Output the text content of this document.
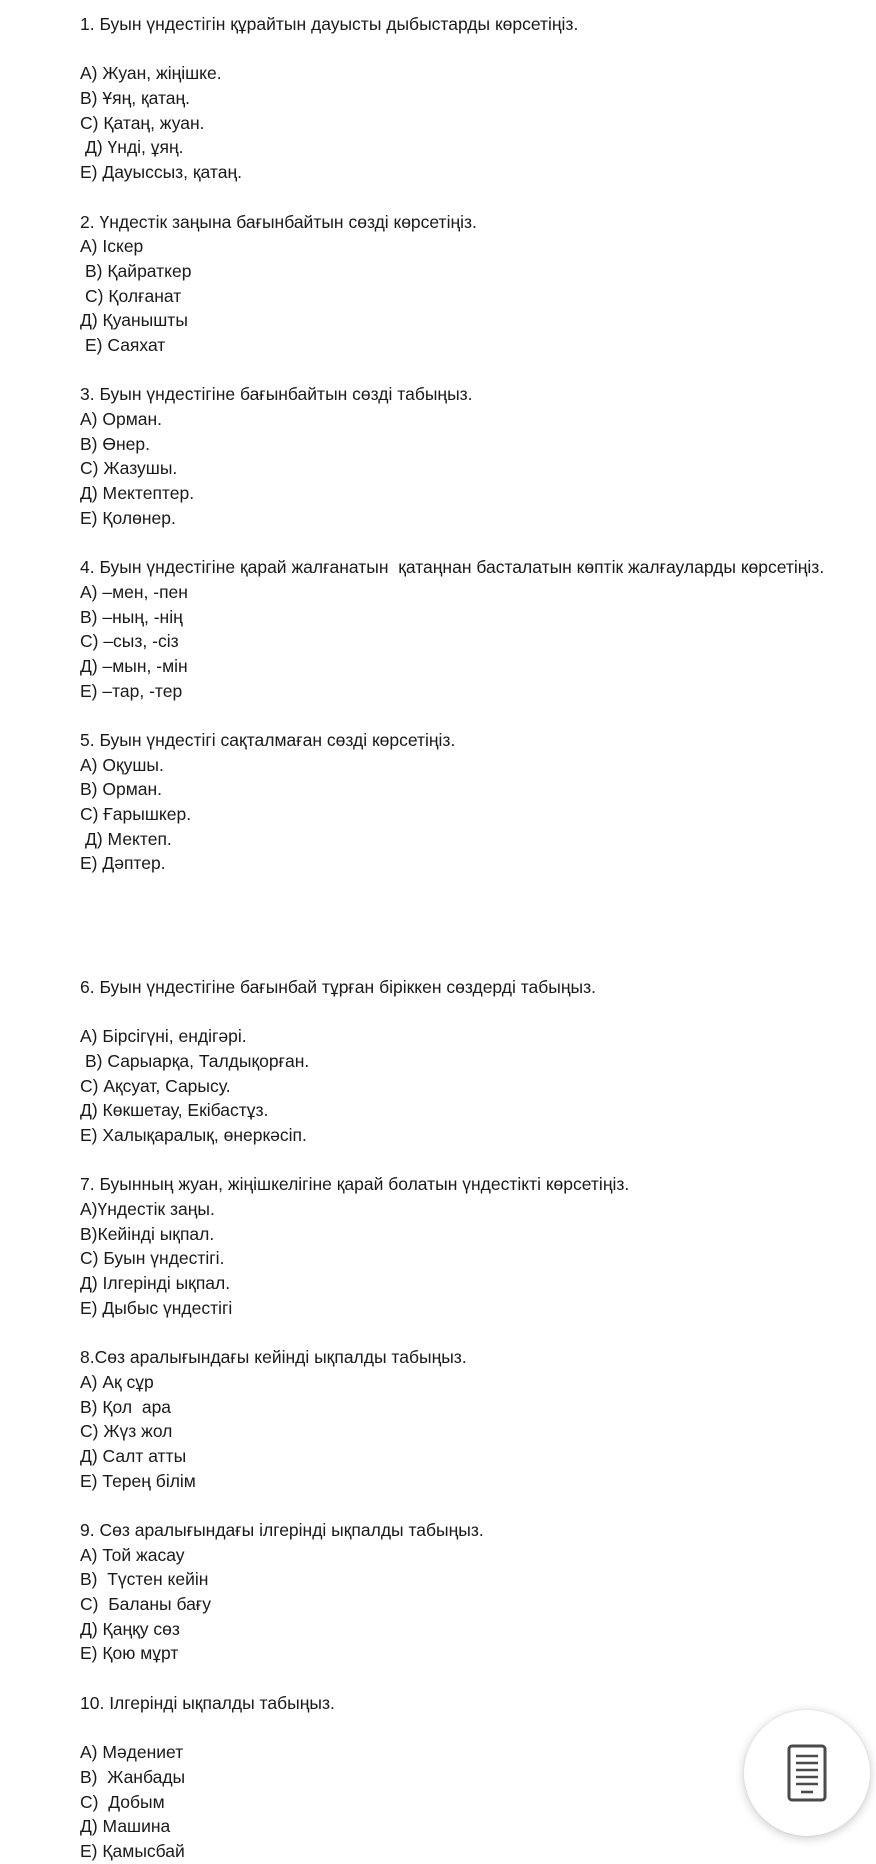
1. Буын үндестігін құрайтын дауысты дыбыстарды көрсетіңіз.
А) Жуан, жіңішке.
В) Ұяң, қатаң.
С) Қатаң, жуан.
Д) Үнді, ұяң.
Е) Дауыссыз, қатаң.
2. Үндестік заңына бағынбайтын сөзді көрсетіңіз.
А) Іскер
В) Қайраткер
С) Қолғанат
Д) Қуанышты
Е) Саяхат
3. Буын үндестігіне бағынбайтын сөзді табыңыз.
А) Орман.
В) Өнер.
С) Жазушы.
Д) Мектептер.
Е) Қолөнер.
4. Буын үндестігіне қарай жалғанатын  қатаңнан басталатын көптік жалғауларды көрсетіңіз.
А) –мен, -пен
В) –ның, -нің
С) –сыз, -сіз
Д) –мын, -мін
Е) –тар, -тер
5. Буын үндестігі сақталмаған сөзді көрсетіңіз.
А) Оқушы.
В) Орман.
С) Ғарышкер.
Д) Мектеп.
Е) Дәптер.
6. Буын үндестігіне бағынбай тұрған біріккен сөздерді табыңыз.
А) Бірсігүні, ендігәрі.
В) Сарыарқа, Талдықорған.
С) Ақсуат, Сарысу.
Д) Көкшетау, Екібастұз.
Е) Халықаралық, өнеркәсіп.
7. Буынның жуан, жіңішкелігіне қарай болатын үндестікті көрсетіңіз.
А)Үндестік заңы.
В)Кейінді ықпал.
С) Буын үндестігі.
Д) Ілгерінді ықпал.
Е) Дыбыс үндестігі
8.Сөз аралығындағы кейінді ықпалды табыңыз.
А) Ақ сұр
В) Қол  ара
С) Жүз жол
Д) Салт атты
Е) Терең білім
9. Сөз аралығындағы ілгерінді ықпалды табыңыз.
А) Той жасау
В)  Түстен кейін
С)  Баланы бағу
Д) Қаңқу сөз
Е) Қою мұрт
10. Ілгерінді ықпалды табыңыз.
А) Мәдениет
В)  Жанбады
С)  Добым
Д) Машина
Е) Қамысбай
